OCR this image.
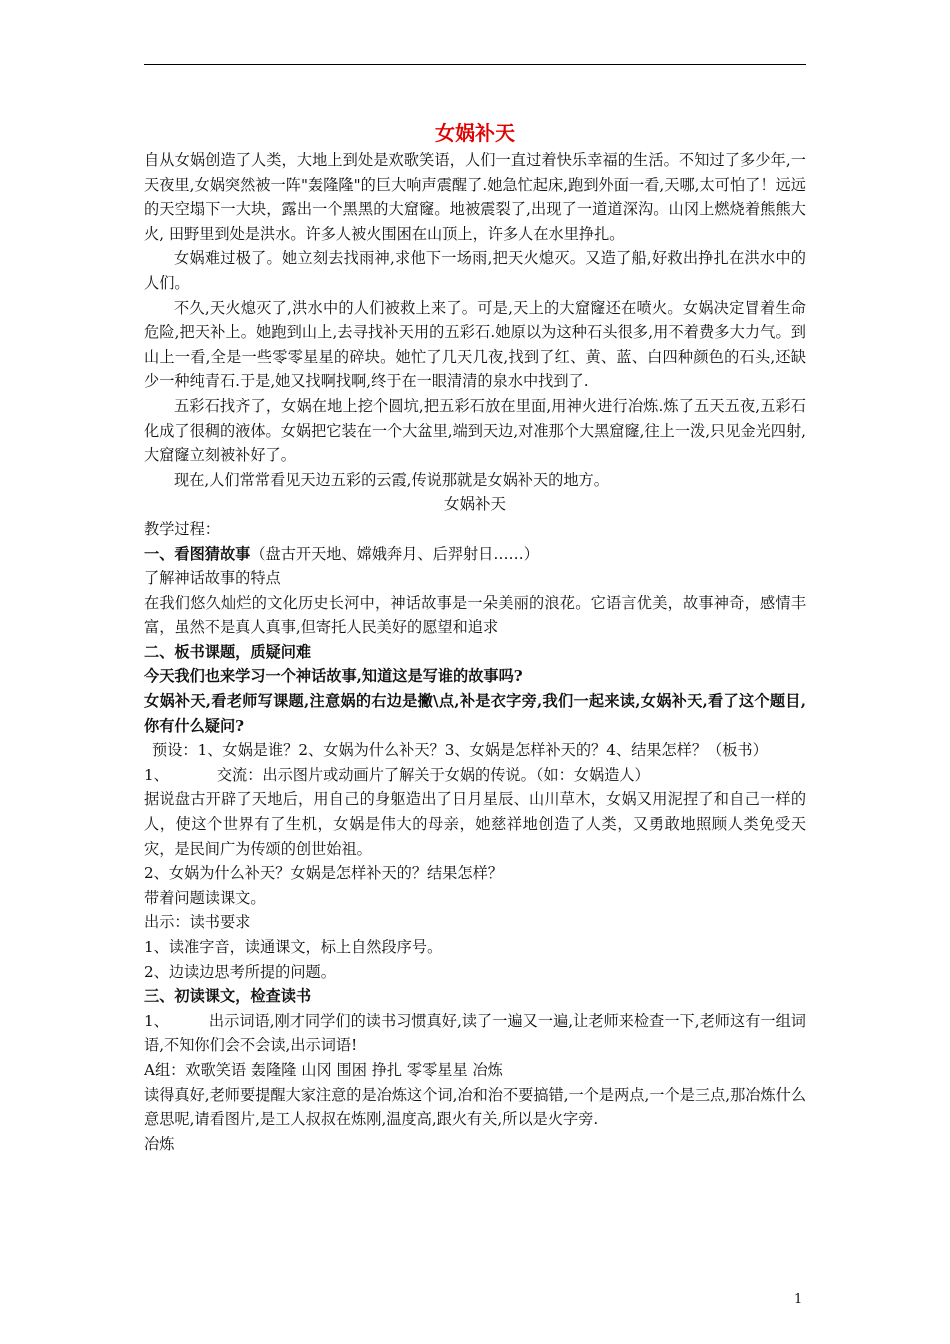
女娲补天

自从女娲创造了人类，大地上到处是欢歌笑语，人们一直过着快乐幸福的生活。不知过了多少年,一天夜里,女娲突然被一阵"轰隆隆"的巨大响声震醒了.她急忙起床,跑到外面一看,天哪,太可怕了！远远的天空塌下一大块，露出一个黑黑的大窟窿。地被震裂了,出现了一道道深沟。山冈上燃烧着熊熊大火, 田野里到处是洪水。许多人被火围困在山顶上，许多人在水里挣扎。

女娲难过极了。她立刻去找雨神,求他下一场雨,把天火熄灭。又造了船,好救出挣扎在洪水中的人们。

不久,天火熄灭了,洪水中的人们被救上来了。可是,天上的大窟窿还在喷火。女娲决定冒着生命危险,把天补上。她跑到山上,去寻找补天用的五彩石.她原以为这种石头很多,用不着费多大力气。到山上一看,全是一些零零星星的碎块。她忙了几天几夜,找到了红、黄、蓝、白四种颜色的石头,还缺少一种纯青石.于是,她又找啊找啊,终于在一眼清清的泉水中找到了.

五彩石找齐了，女娲在地上挖个圆坑,把五彩石放在里面,用神火进行冶炼.炼了五天五夜,五彩石化成了很稠的液体。女娲把它装在一个大盆里,端到天边,对准那个大黑窟窿,往上一泼,只见金光四射,大窟窿立刻被补好了。

现在,人们常常看见天边五彩的云霞,传说那就是女娲补天的地方。

女娲补天

教学过程：

一、看图猜故事（盘古开天地、嫦娥奔月、后羿射日……）

了解神话故事的特点

在我们悠久灿烂的文化历史长河中，神话故事是一朵美丽的浪花。它语言优美，故事神奇，感情丰富，虽然不是真人真事,但寄托人民美好的愿望和追求

二、板书课题，质疑问难

今天我们也来学习一个神话故事,知道这是写谁的故事吗?

女娲补天,看老师写课题,注意娲的右边是撇\点,补是衣字旁,我们一起来读,女娲补天,看了这个题目,你有什么疑问?

预设：1、女娲是谁？2、女娲为什么补天？3、女娲是怎样补天的？4、结果怎样？（板书）

1、	交流：出示图片或动画片了解关于女娲的传说。（如：女娲造人）

据说盘古开辟了天地后，用自己的身躯造出了日月星辰、山川草木，女娲又用泥捏了和自己一样的人，使这个世界有了生机，女娲是伟大的母亲，她慈祥地创造了人类，又勇敢地照顾人类免受天灾，是民间广为传颂的创世始祖。

2、女娲为什么补天？女娲是怎样补天的？结果怎样？

带着问题读课文。

出示：读书要求

1、读准字音，读通课文，标上自然段序号。

2、边读边思考所提的问题。

三、初读课文，检查读书

1、	出示词语,刚才同学们的读书习惯真好,读了一遍又一遍,让老师来检查一下,老师这有一组词语,不知你们会不会读,出示词语!

A组：欢歌笑语 轰隆隆 山冈 围困 挣扎 零零星星 冶炼

读得真好,老师要提醒大家注意的是冶炼这个词,冶和治不要搞错,一个是两点,一个是三点,那冶炼什么意思呢,请看图片,是工人叔叔在炼刚,温度高,跟火有关,所以是火字旁.

冶炼

1
